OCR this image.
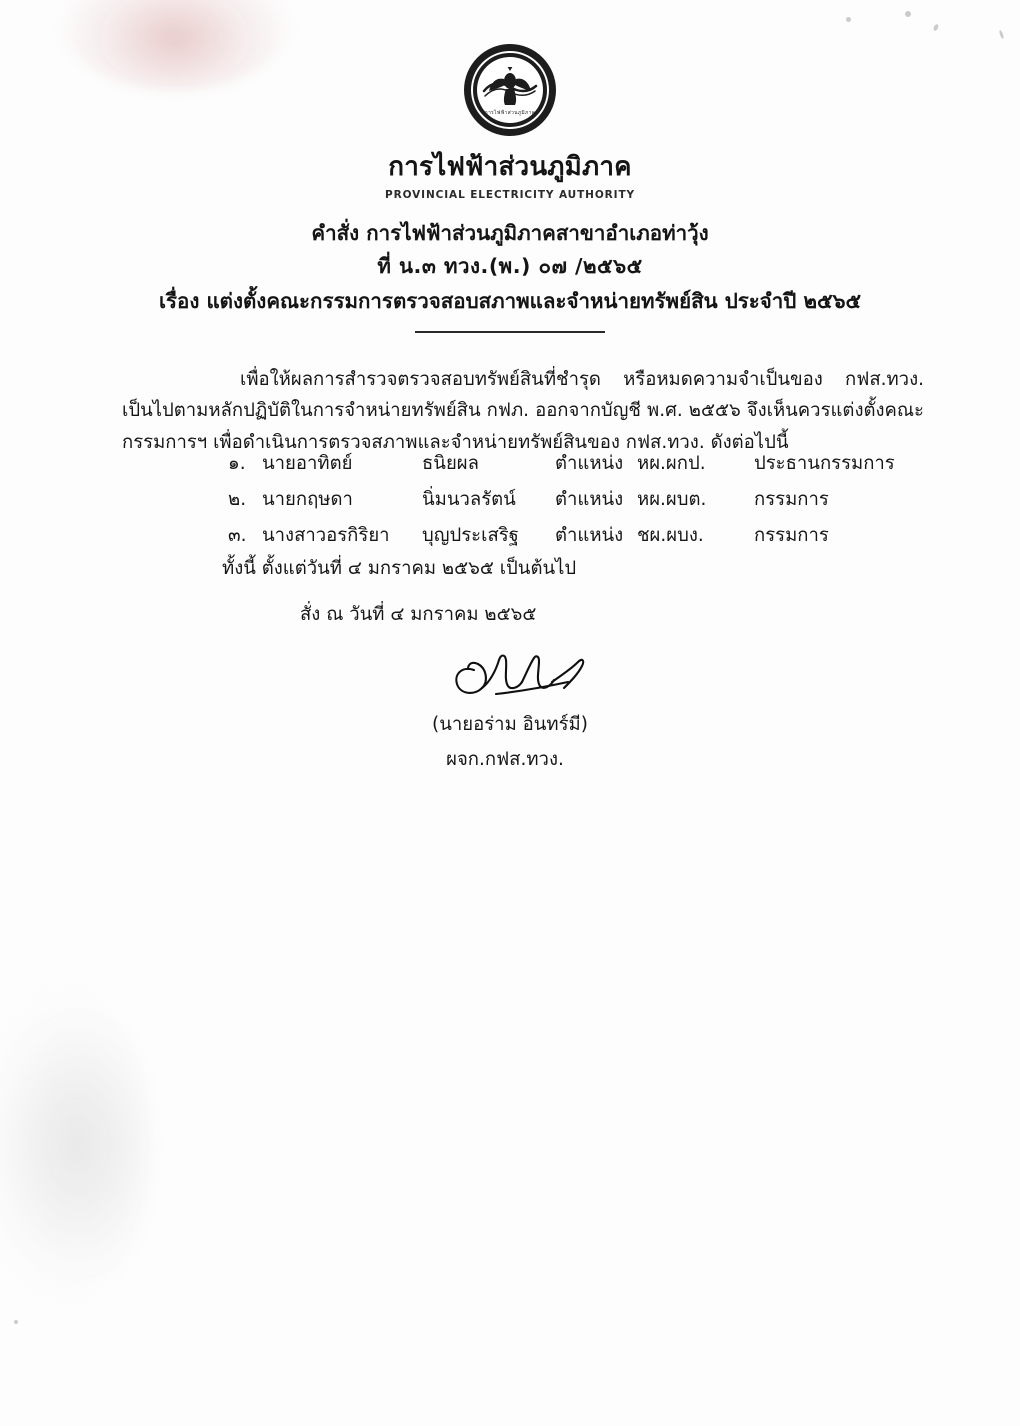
การไฟฟ้าส่วนภูมิภาค
การไฟฟ้าส่วนภูมิภาค
PROVINCIAL ELECTRICITY AUTHORITY
คำสั่ง การไฟฟ้าส่วนภูมิภาคสาขาอำเภอท่าวุ้ง
ที่ น.๓ ทวง.(พ.) ๐๗ /๒๕๖๕
เรื่อง แต่งตั้งคณะกรรมการตรวจสอบสภาพและจำหน่ายทรัพย์สิน ประจำปี ๒๕๖๕

เพื่อให้ผลการสำรวจตรวจสอบทรัพย์สินที่ชำรุด หรือหมดความจำเป็นของ กฟส.ทวง. เป็นไปตามหลักปฏิบัติในการจำหน่ายทรัพย์สิน กฟภ. ออกจากบัญชี พ.ศ. ๒๕๕๖ จึงเห็นควรแต่งตั้งคณะกรรมการฯ เพื่อดำเนินการตรวจสภาพและจำหน่ายทรัพย์สินของ กฟส.ทวง. ดังต่อไปนี้

๑. นายอาทิตย์	ธนิยผล	ตำแหน่ง หผ.ผกป.	ประธานกรรมการ
๒. นายกฤษดา	นิ่มนวลรัตน์	ตำแหน่ง หผ.ผบต.	กรรมการ
๓. นางสาวอรกิริยา	บุญประเสริฐ	ตำแหน่ง ชผ.ผบง.	กรรมการ
ทั้งนี้ ตั้งแต่วันที่ ๔ มกราคม ๒๕๖๕ เป็นต้นไป
สั่ง ณ วันที่ ๔ มกราคม ๒๕๖๕
(นายอร่าม อินทร์มี)
ผจก.กฟส.ทวง.
